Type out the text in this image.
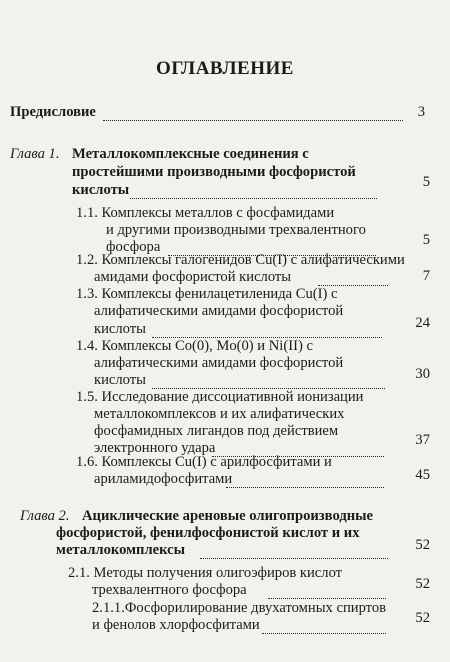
ОГЛАВЛЕНИЕ
Предисловие	3
Глава 1. Металлокомплексные соединения с
простейшими производными фосфористой
кислоты	5
1.1. Комплексы металлов с фосфамидами
и другими производными трехвалентного
фосфора	5
1.2. Комплексы галогенидов Cu(I) с алифатическими
амидами фосфористой кислоты	7
1.3. Комплексы фенилацетиленида Cu(I) с
алифатическими амидами фосфористой
кислоты	24
1.4. Комплексы Co(0), Mo(0) и Ni(II) с
алифатическими амидами фосфористой
кислоты	30
1.5. Исследование диссоциативной ионизации
металлокомплексов и их алифатических
фосфамидных лигандов под действием
электронного удара	37
1.6. Комплексы Cu(I) с арилфосфитами и
ариламидофосфитами	45
Глава 2. Ациклические ареновые олигопроизводные
фосфористой, фенилфосфонистой кислот и их
металлокомплексы	52
2.1. Методы получения олигоэфиров кислот
трехвалентного фосфора	52
2.1.1.Фосфорилирование двухатомных спиртов
и фенолов хлорфосфитами	52
